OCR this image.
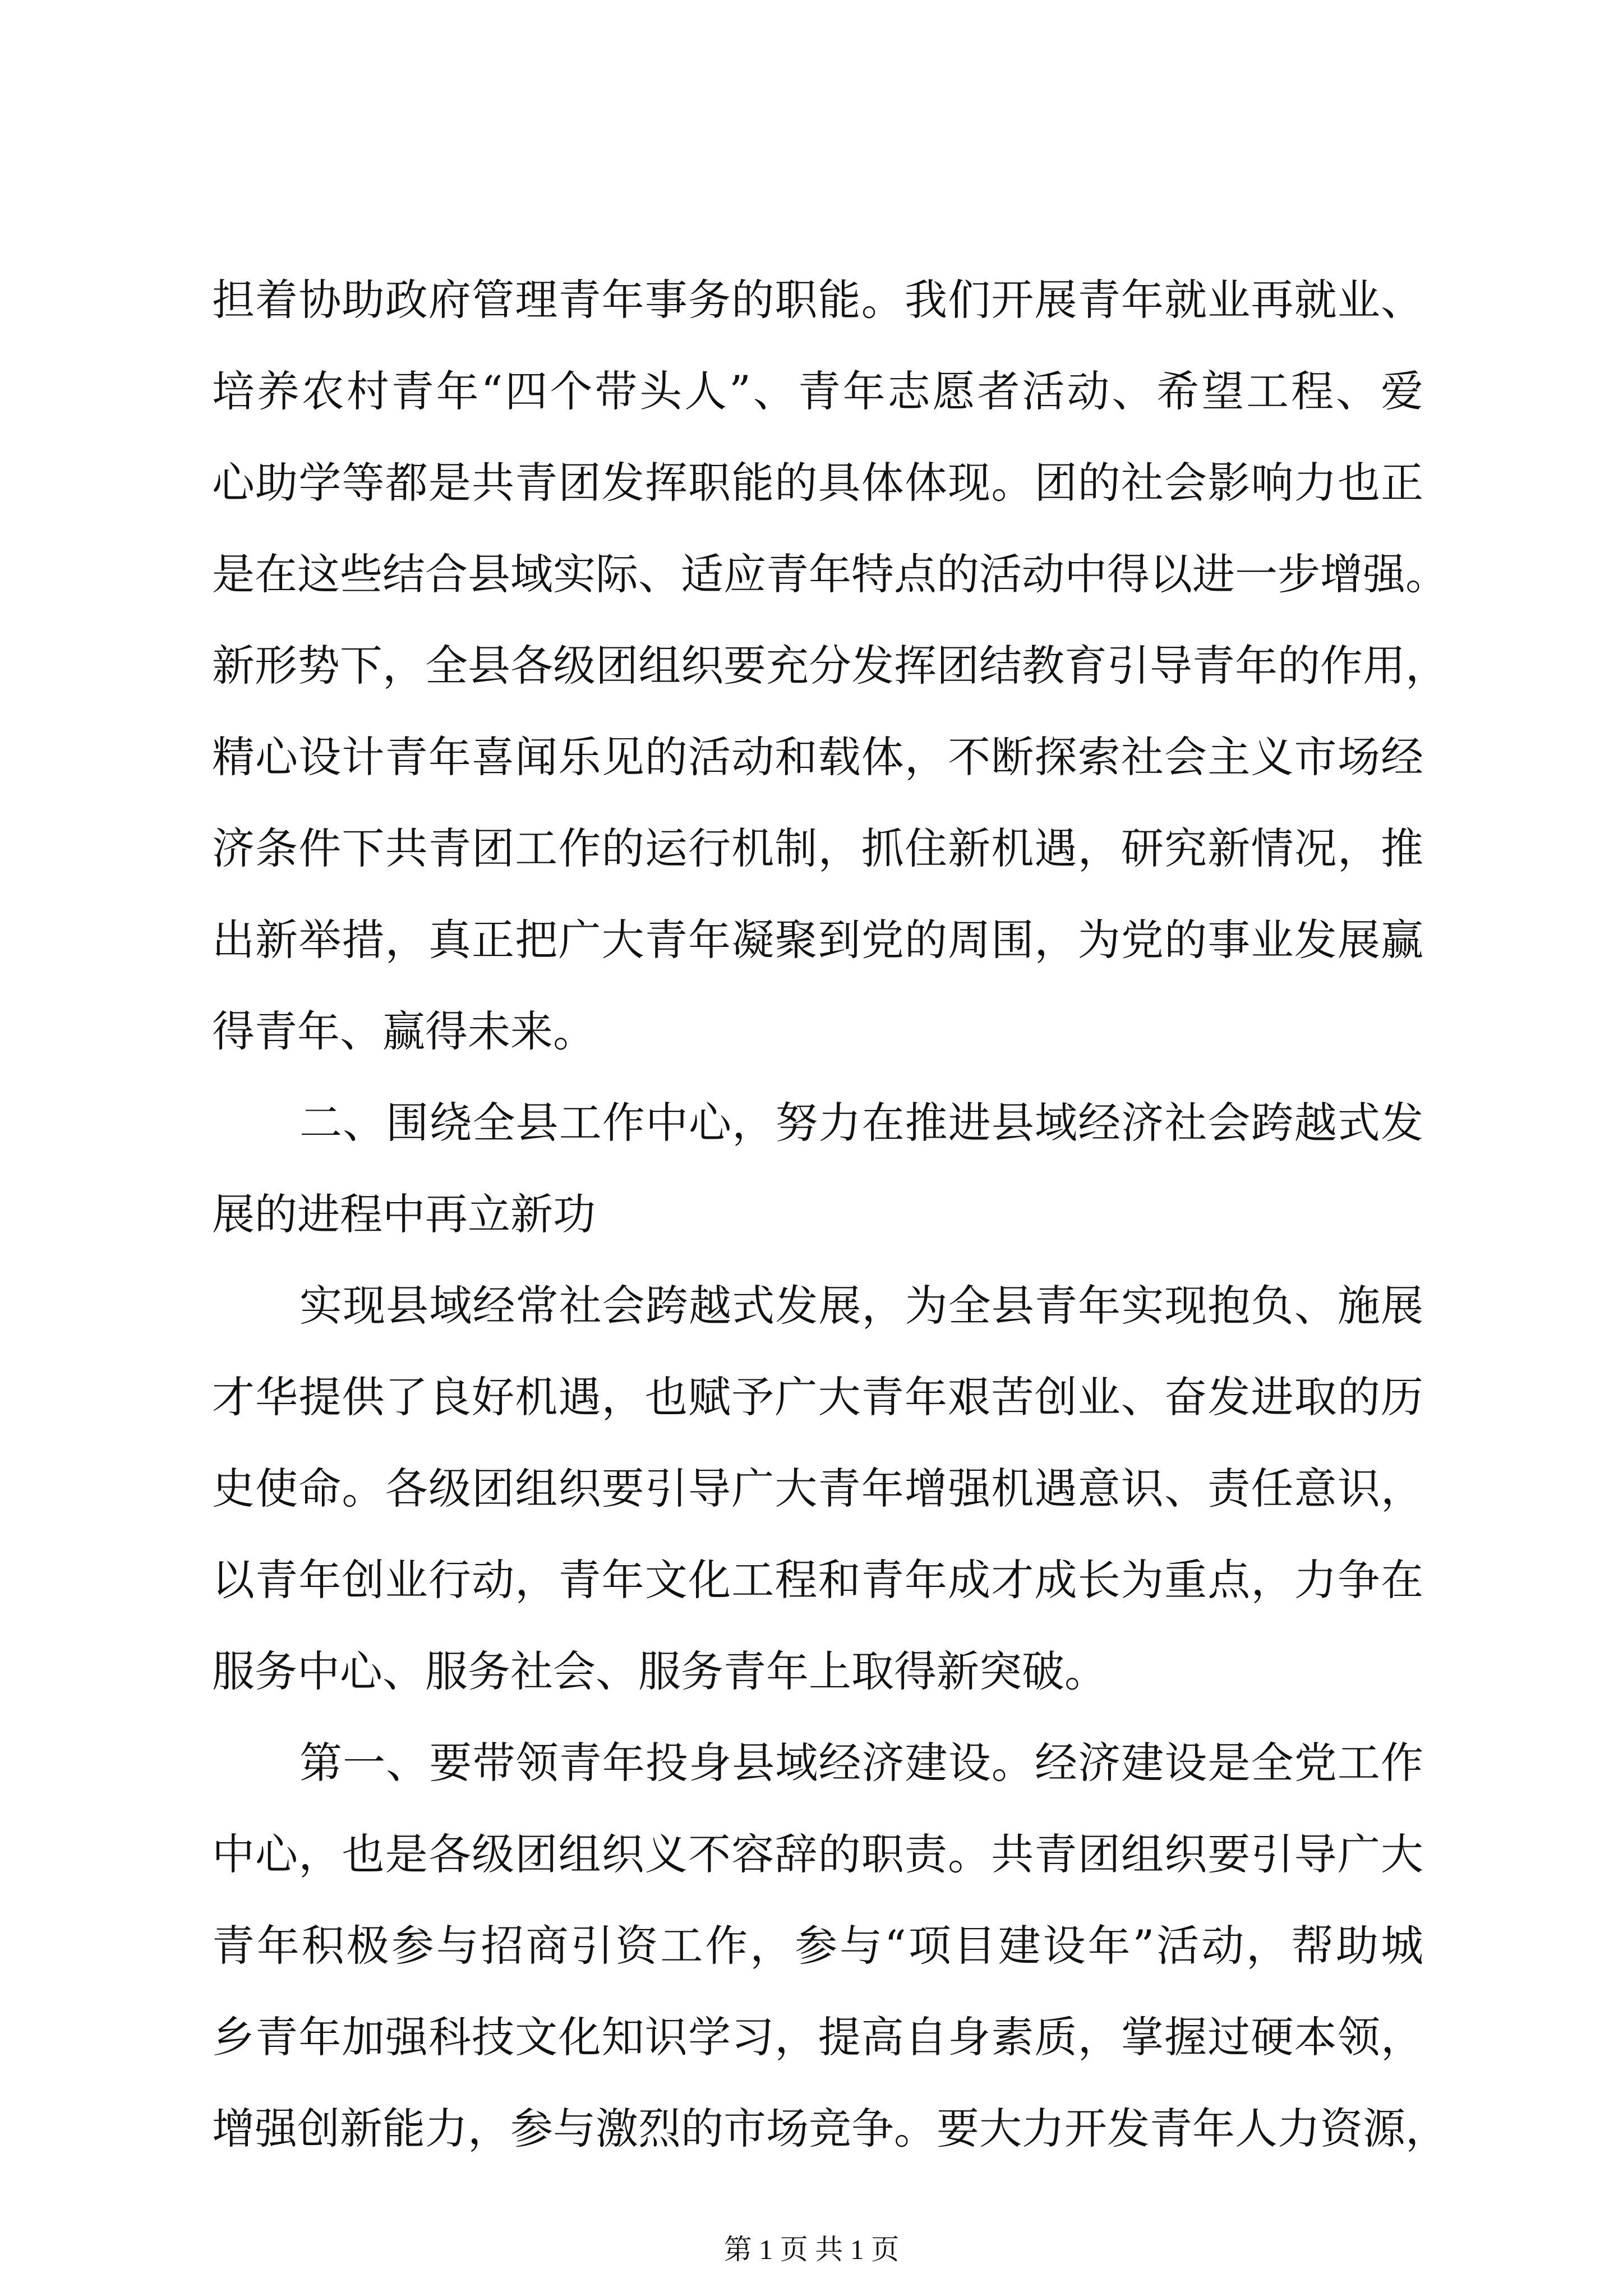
担着协助政府管理青年事务的职能。我们开展青年就业再就业、
培养农村青年“四个带头人”、青年志愿者活动、希望工程、爱
心助学等都是共青团发挥职能的具体体现。团的社会影响力也正
是在这些结合县域实际、适应青年特点的活动中得以进一步增强。
新形势下，全县各级团组织要充分发挥团结教育引导青年的作用，
精心设计青年喜闻乐见的活动和载体，不断探索社会主义市场经
济条件下共青团工作的运行机制，抓住新机遇，研究新情况，推
出新举措，真正把广大青年凝聚到党的周围，为党的事业发展赢
得青年、赢得未来。
二、围绕全县工作中心，努力在推进县域经济社会跨越式发
展的进程中再立新功
实现县域经常社会跨越式发展，为全县青年实现抱负、施展
才华提供了良好机遇，也赋予广大青年艰苦创业、奋发进取的历
史使命。各级团组织要引导广大青年增强机遇意识、责任意识，
以青年创业行动，青年文化工程和青年成才成长为重点，力争在
服务中心、服务社会、服务青年上取得新突破。
第一、要带领青年投身县域经济建设。经济建设是全党工作
中心，也是各级团组织义不容辞的职责。共青团组织要引导广大
青年积极参与招商引资工作，参与“项目建设年”活动，帮助城
乡青年加强科技文化知识学习，提高自身素质，掌握过硬本领，
增强创新能力，参与激烈的市场竞争。要大力开发青年人力资源，
第 1 页 共 1 页
